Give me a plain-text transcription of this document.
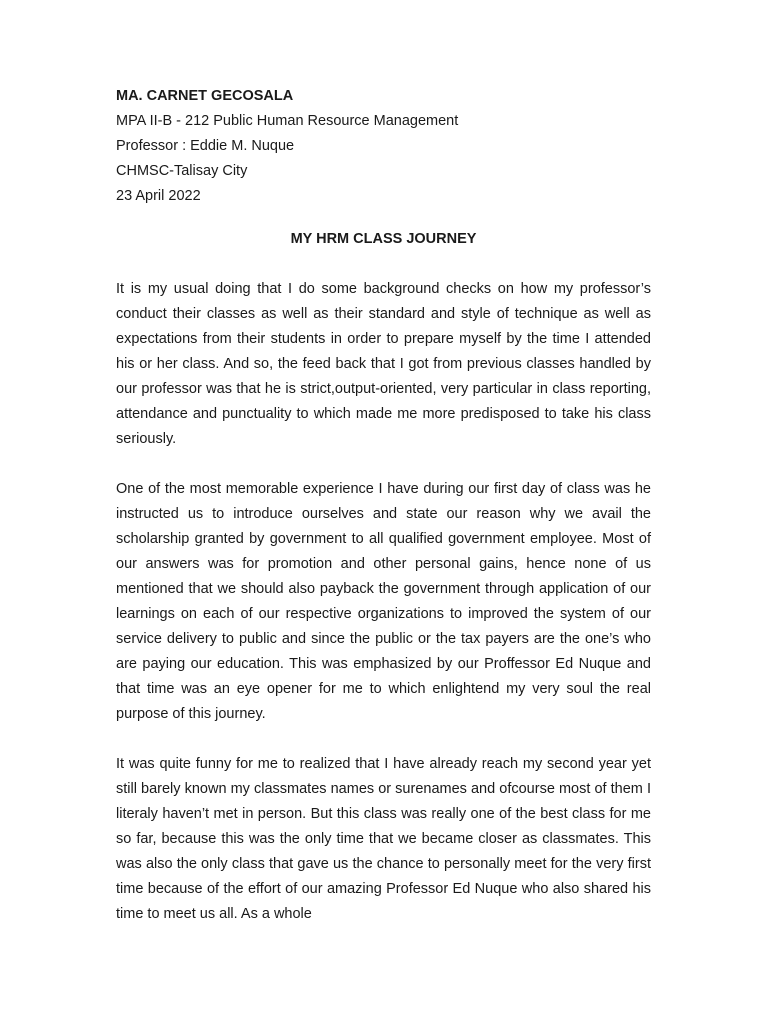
MA. CARNET GECOSALA

MPA II-B - 212 Public Human Resource Management

Professor : Eddie M. Nuque

CHMSC-Talisay City

23 April 2022

MY HRM CLASS JOURNEY

It is my usual doing that I do some background checks on how my professor’s conduct their classes as well as their standard and style of technique as well as expectations from their students in order to prepare myself by the time I attended his or her class. And so, the feed back that I got from previous classes handled by our professor was that he is strict,output-oriented, very particular in class reporting, attendance and punctuality to which made me more predisposed to take his class seriously.

One of the most memorable experience I have during our first day of class was he instructed us to introduce ourselves and state our reason why we avail the scholarship granted by government to all qualified government employee. Most of our answers was for promotion and other personal gains, hence none of us mentioned that we should also payback the government through application of our learnings on each of our respective organizations to improved the system of our service delivery to public and since the public or the tax payers are the one’s who are paying our education. This was emphasized by our Proffessor Ed Nuque and that time was an eye opener for me to which enlightend my very soul the real purpose of this journey.

It was quite funny for me to realized that I have already reach my second year yet still barely known my classmates names or surenames and ofcourse most of them I literaly haven’t met in person. But this class was really one of the best class for me so far, because this was the only time that we became closer as classmates. This was also the only class that gave us the chance to personally meet for the very first time because of the effort of our amazing Professor Ed Nuque who also shared his time to meet us all. As a whole
